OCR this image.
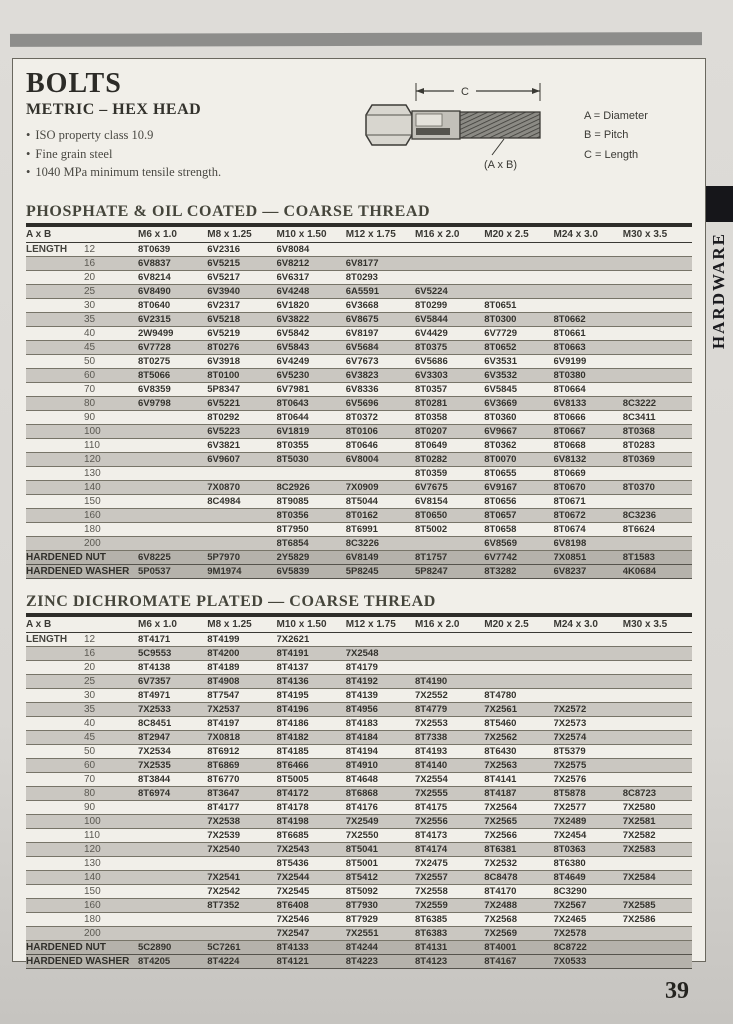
BOLTS
METRIC – HEX HEAD
• ISO property class 10.9
• Fine grain steel
• 1040 MPa minimum tensile strength.
C
(A x B)
A = Diameter
B = Pitch
C = Length
PHOSPHATE & OIL COATED — COARSE THREAD
A x B	M6 x 1.0	M8 x 1.25	M10 x 1.50	M12 x 1.75	M16 x 2.0	M20 x 2.5	M24 x 3.0	M30 x 3.5

LENGTH 12	8T0639	6V2316	6V8084					

16	6V8837	6V5215	6V8212	6V8177				

20	6V8214	6V5217	6V6317	8T0293				

25	6V8490	6V3940	6V4248	6A5591	6V5224			

30	8T0640	6V2317	6V1820	6V3668	8T0299	8T0651		

35	6V2315	6V5218	6V3822	6V8675	6V5844	8T0300	8T0662	

40	2W9499	6V5219	6V5842	6V8197	6V4429	6V7729	8T0661	

45	6V7728	8T0276	6V5843	6V5684	8T0375	8T0652	8T0663	

50	8T0275	6V3918	6V4249	6V7673	6V5686	6V3531	6V9199	

60	8T5066	8T0100	6V5230	6V3823	6V3303	6V3532	8T0380	

70	6V8359	5P8347	6V7981	6V8336	8T0357	6V5845	8T0664	

80	6V9798	6V5221	8T0643	6V5696	8T0281	6V3669	6V8133	8C3222

90		8T0292	8T0644	8T0372	8T0358	8T0360	8T0666	8C3411

100		6V5223	6V1819	8T0106	8T0207	6V9667	8T0667	8T0368

110		6V3821	8T0355	8T0646	8T0649	8T0362	8T0668	8T0283

120		6V9607	8T5030	6V8004	8T0282	8T0070	6V8132	8T0369

130					8T0359	8T0655	8T0669	

140		7X0870	8C2926	7X0909	6V7675	6V9167	8T0670	8T0370

150		8C4984	8T9085	8T5044	6V8154	8T0656	8T0671	

160			8T0356	8T0162	8T0650	8T0657	8T0672	8C3236

180			8T7950	8T6991	8T5002	8T0658	8T0674	8T6624

200			8T6854	8C3226		6V8569	6V8198	

HARDENED NUT	6V8225	5P7970	2Y5829	6V8149	8T1757	6V7742	7X0851	8T1583

HARDENED WASHER	5P0537	9M1974	6V5839	5P8245	5P8247	8T3282	6V8237	4K0684
ZINC DICHROMATE PLATED — COARSE THREAD
A x B	M6 x 1.0	M8 x 1.25	M10 x 1.50	M12 x 1.75	M16 x 2.0	M20 x 2.5	M24 x 3.0	M30 x 3.5

LENGTH 12	8T4171	8T4199	7X2621					

16	5C9553	8T4200	8T4191	7X2548				

20	8T4138	8T4189	8T4137	8T4179				

25	6V7357	8T4908	8T4136	8T4192	8T4190			

30	8T4971	8T7547	8T4195	8T4139	7X2552	8T4780		

35	7X2533	7X2537	8T4196	8T4956	8T4779	7X2561	7X2572	

40	8C8451	8T4197	8T4186	8T4183	7X2553	8T5460	7X2573	

45	8T2947	7X0818	8T4182	8T4184	8T7338	7X2562	7X2574	

50	7X2534	8T6912	8T4185	8T4194	8T4193	8T6430	8T5379	

60	7X2535	8T6869	8T6466	8T4910	8T4140	7X2563	7X2575	

70	8T3844	8T6770	8T5005	8T4648	7X2554	8T4141	7X2576	

80	8T6974	8T3647	8T4172	8T6868	7X2555	8T4187	8T5878	8C8723

90		8T4177	8T4178	8T4176	8T4175	7X2564	7X2577	7X2580

100		7X2538	8T4198	7X2549	7X2556	7X2565	7X2489	7X2581

110		7X2539	8T6685	7X2550	8T4173	7X2566	7X2454	7X2582

120		7X2540	7X2543	8T5041	8T4174	8T6381	8T0363	7X2583

130			8T5436	8T5001	7X2475	7X2532	8T6380	

140		7X2541	7X2544	8T5412	7X2557	8C8478	8T4649	7X2584

150		7X2542	7X2545	8T5092	7X2558	8T4170	8C3290	

160		8T7352	8T6408	8T7930	7X2559	7X2488	7X2567	7X2585

180			7X2546	8T7929	8T6385	7X2568	7X2465	7X2586

200			7X2547	7X2551	8T6383	7X2569	7X2578	

HARDENED NUT	5C2890	5C7261	8T4133	8T4244	8T4131	8T4001	8C8722	

HARDENED WASHER	8T4205	8T4224	8T4121	8T4223	8T4123	8T4167	7X0533	
HARDWARE
39
